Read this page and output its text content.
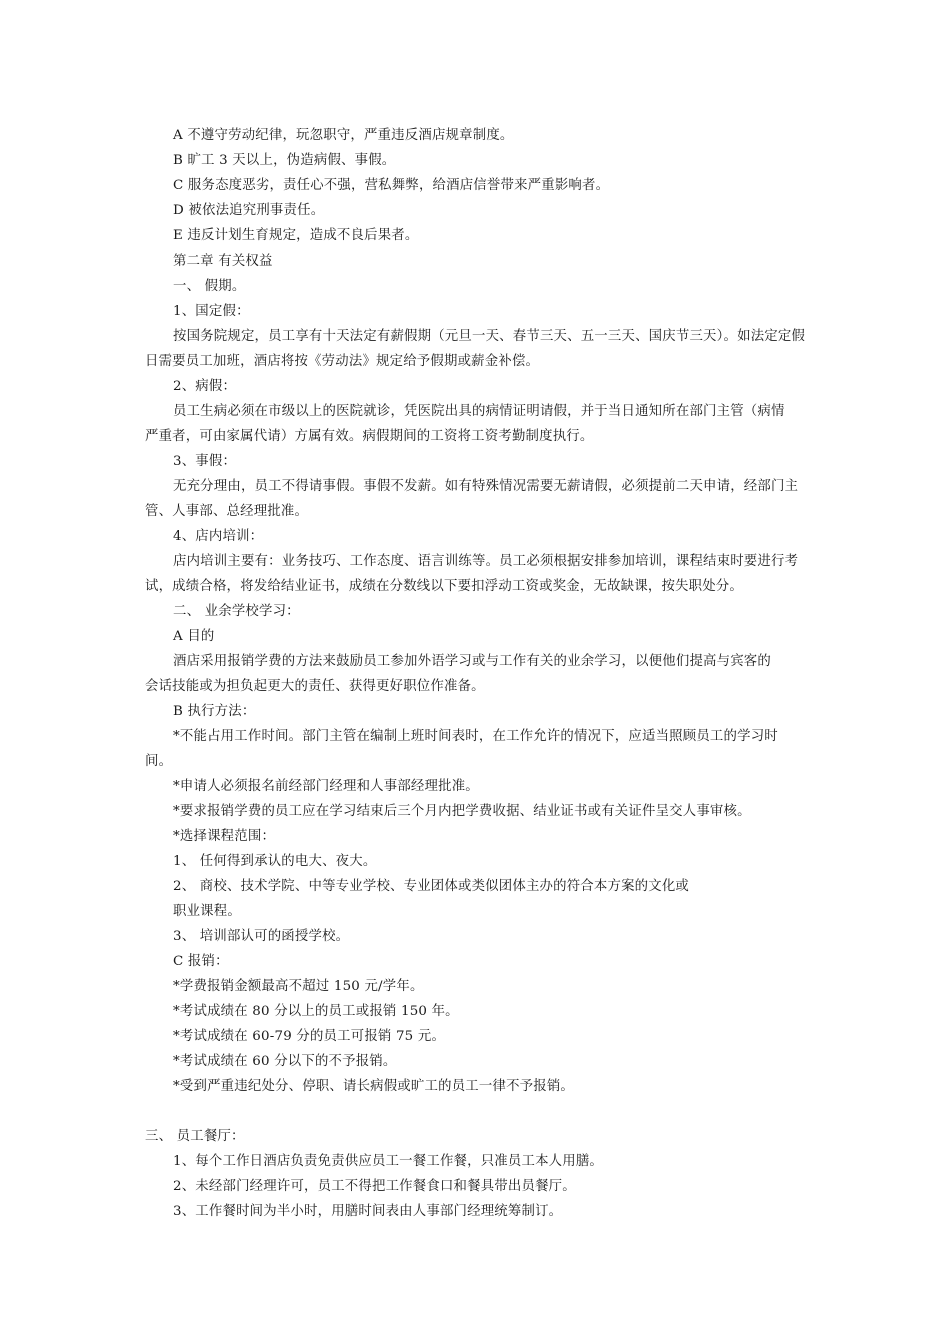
A 不遵守劳动纪律，玩忽职守，严重违反酒店规章制度。
B 旷工 3 天以上，伪造病假、事假。
C 服务态度恶劣，责任心不强，营私舞弊，给酒店信誉带来严重影响者。
D 被依法追究刑事责任。
E 违反计划生育规定，造成不良后果者。
第二章 有关权益
一、 假期。
1、国定假：
按国务院规定，员工享有十天法定有薪假期（元旦一天、春节三天、五一三天、国庆节三天）。如法定定假
日需要员工加班，酒店将按《劳动法》规定给予假期或薪金补偿。
2、病假：
员工生病必须在市级以上的医院就诊，凭医院出具的病情证明请假，并于当日通知所在部门主管（病情
严重者，可由家属代请）方属有效。病假期间的工资将工资考勤制度执行。
3、事假：
无充分理由，员工不得请事假。事假不发薪。如有特殊情况需要无薪请假，必须提前二天申请，经部门主
管、人事部、总经理批准。
4、店内培训：
店内培训主要有：业务技巧、工作态度、语言训练等。员工必须根据安排参加培训，课程结束时要进行考
试，成绩合格，将发给结业证书，成绩在分数线以下要扣浮动工资或奖金，无故缺课，按失职处分。
二、 业余学校学习：
A 目的
酒店采用报销学费的方法来鼓励员工参加外语学习或与工作有关的业余学习，以便他们提高与宾客的
会话技能或为担负起更大的责任、获得更好职位作准备。
B 执行方法：
*不能占用工作时间。部门主管在编制上班时间表时，在工作允许的情况下，应适当照顾员工的学习时
间。
*申请人必须报名前经部门经理和人事部经理批准。
*要求报销学费的员工应在学习结束后三个月内把学费收据、结业证书或有关证件呈交人事审核。
*选择课程范围：
1、 任何得到承认的电大、夜大。
2、 商校、技术学院、中等专业学校、专业团体或类似团体主办的符合本方案的文化或
职业课程。
3、 培训部认可的函授学校。
C 报销：
*学费报销金额最高不超过 150 元/学年。
*考试成绩在 80 分以上的员工或报销 150 年。
*考试成绩在 60-79 分的员工可报销 75 元。
*考试成绩在 60 分以下的不予报销。
*受到严重违纪处分、停职、请长病假或旷工的员工一律不予报销。
三、 员工餐厅：
1、每个工作日酒店负责免责供应员工一餐工作餐，只准员工本人用膳。
2、未经部门经理许可，员工不得把工作餐食口和餐具带出员餐厅。
3、工作餐时间为半小时，用膳时间表由人事部门经理统筹制订。
